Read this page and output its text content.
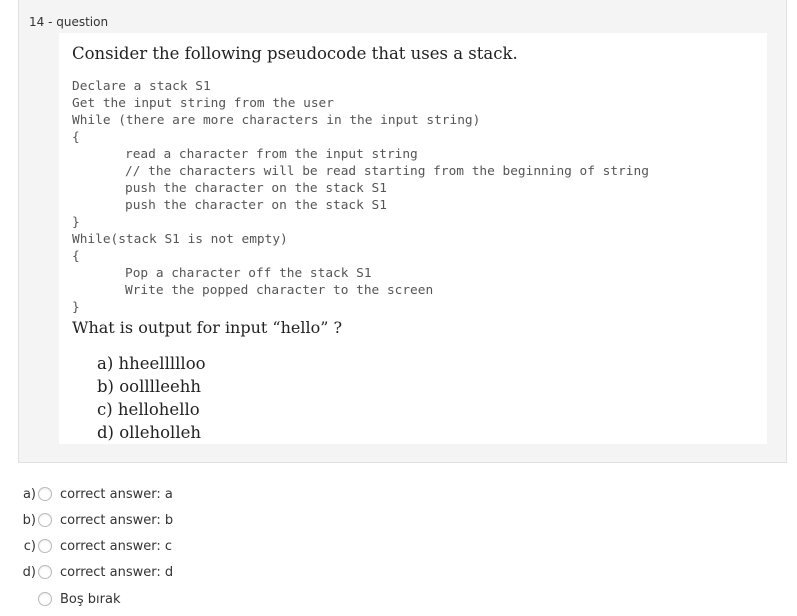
14 - question
Consider the following pseudocode that uses a stack.
Declare a stack S1
Get the input string from the user
While (there are more characters in the input string)
{
read a character from the input string
// the characters will be read starting from the beginning of string
push the character on the stack S1
push the character on the stack S1
}
While(stack S1 is not empty)
{
Pop a character off the stack S1
Write the popped character to the screen
}
What is output for input “hello” ?
a) hheellllloo
b) oolllleehh
c) hellohello
d) olleholleh
a) correct answer: a
b) correct answer: b
c) correct answer: c
d) correct answer: d
Boş bırak
